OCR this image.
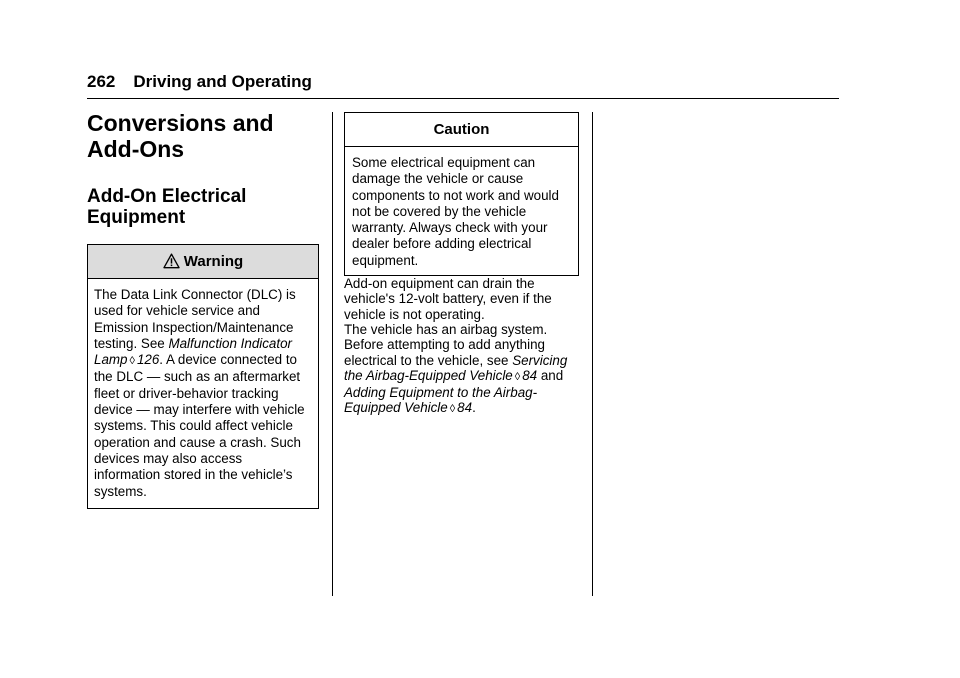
262 Driving and Operating
Conversions and
Add-Ons
Add-On Electrical
Equipment
Warning
The Data Link Connector (DLC) is used for vehicle service and Emission Inspection/Maintenance testing. See Malfunction Indicator Lamp ◊ 126. A device connected to the DLC — such as an aftermarket fleet or driver-behavior tracking device — may interfere with vehicle systems. This could affect vehicle operation and cause a crash. Such devices may also access information stored in the vehicle’s systems.
Caution
Some electrical equipment can damage the vehicle or cause components to not work and would not be covered by the vehicle warranty. Always check with your dealer before adding electrical equipment.

Add-on equipment can drain the vehicle's 12-volt battery, even if the vehicle is not operating.

The vehicle has an airbag system. Before attempting to add anything electrical to the vehicle, see Servicing the Airbag-Equipped Vehicle ◊ 84 and Adding Equipment to the Airbag-Equipped Vehicle ◊ 84.
